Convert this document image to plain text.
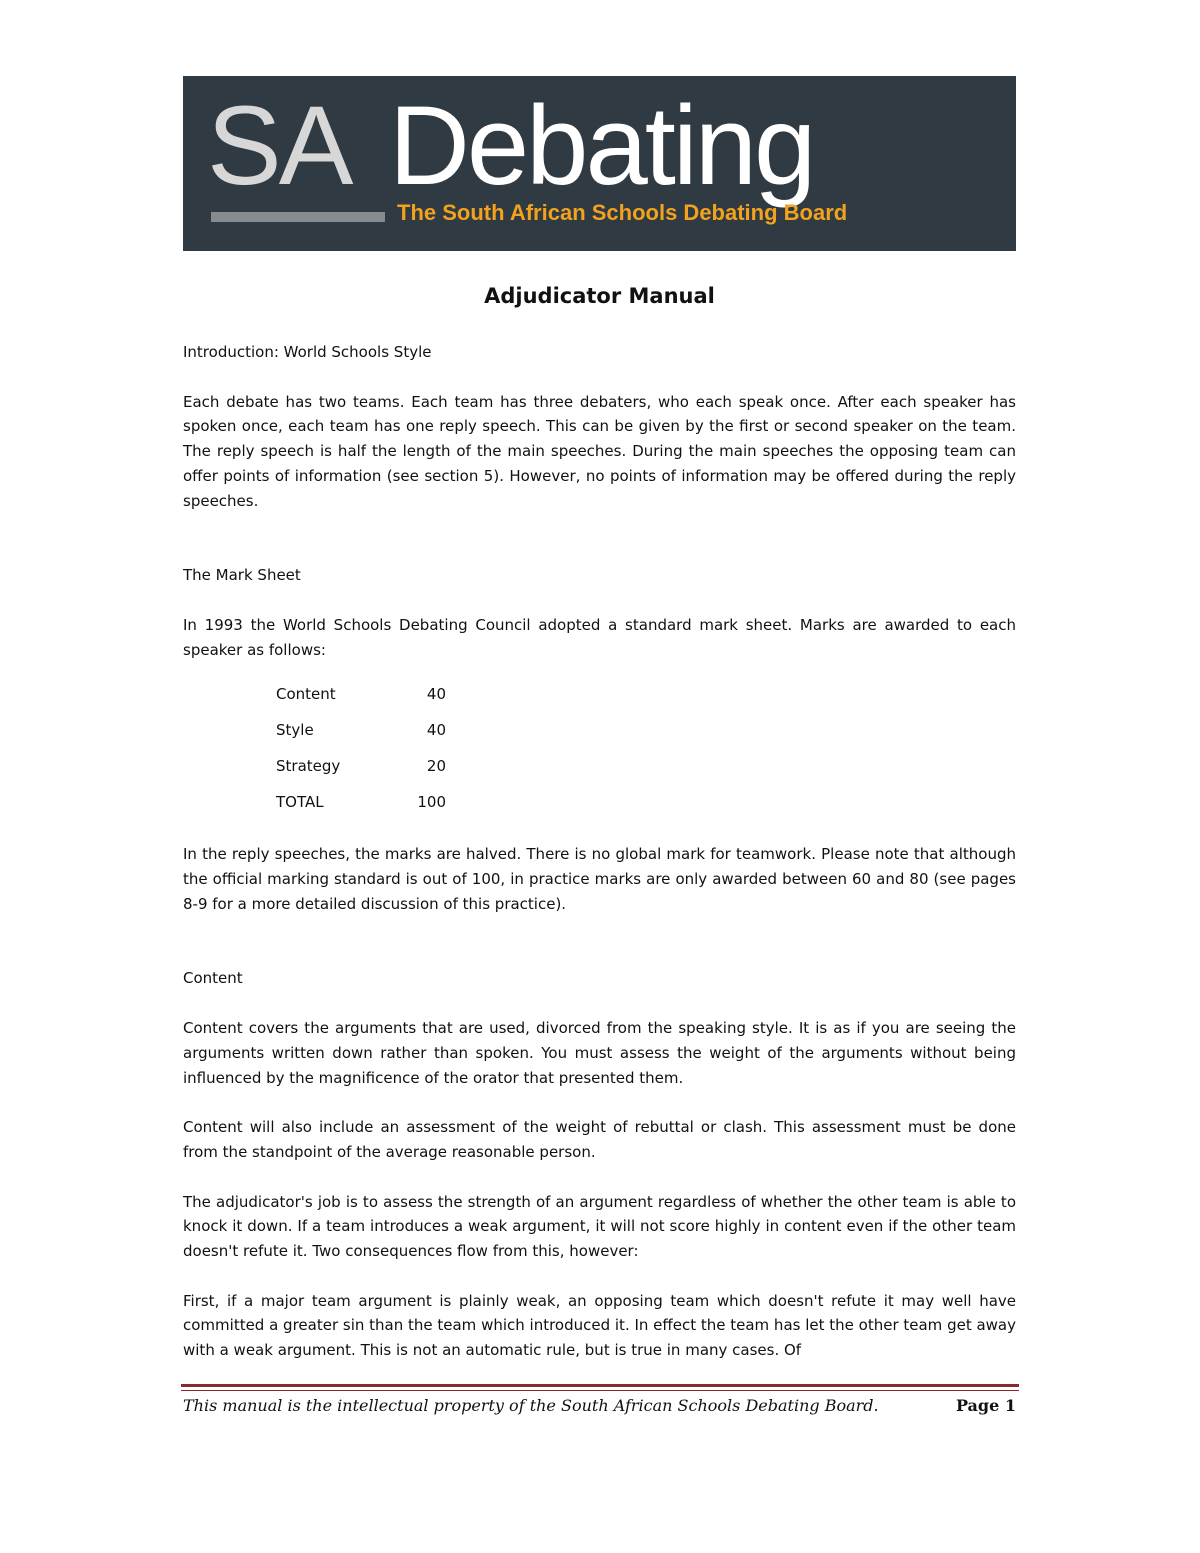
SA Debating
The South African Schools Debating Board
Adjudicator Manual
Introduction: World Schools Style
Each debate has two teams. Each team has three debaters, who each speak once. After each speaker has spoken once, each team has one reply speech. This can be given by the first or second speaker on the team. The reply speech is half the length of the main speeches. During the main speeches the opposing team can offer points of information (see section 5). However, no points of information may be offered during the reply speeches.
The Mark Sheet
In 1993 the World Schools Debating Council adopted a standard mark sheet. Marks are awarded to each speaker as follows:
Content	40
Style	40
Strategy	20
TOTAL	100
In the reply speeches, the marks are halved. There is no global mark for teamwork. Please note that although the official marking standard is out of 100, in practice marks are only awarded between 60 and 80 (see pages 8-9 for a more detailed discussion of this practice).
Content
Content covers the arguments that are used, divorced from the speaking style. It is as if you are seeing the arguments written down rather than spoken. You must assess the weight of the arguments without being influenced by the magnificence of the orator that presented them.
Content will also include an assessment of the weight of rebuttal or clash. This assessment must be done from the standpoint of the average reasonable person.
The adjudicator's job is to assess the strength of an argument regardless of whether the other team is able to knock it down. If a team introduces a weak argument, it will not score highly in content even if the other team doesn't refute it. Two consequences flow from this, however:
First, if a major team argument is plainly weak, an opposing team which doesn't refute it may well have committed a greater sin than the team which introduced it. In effect the team has let the other team get away with a weak argument. This is not an automatic rule, but is true in many cases. Of
This manual is the intellectual property of the South African Schools Debating Board.	Page 1
